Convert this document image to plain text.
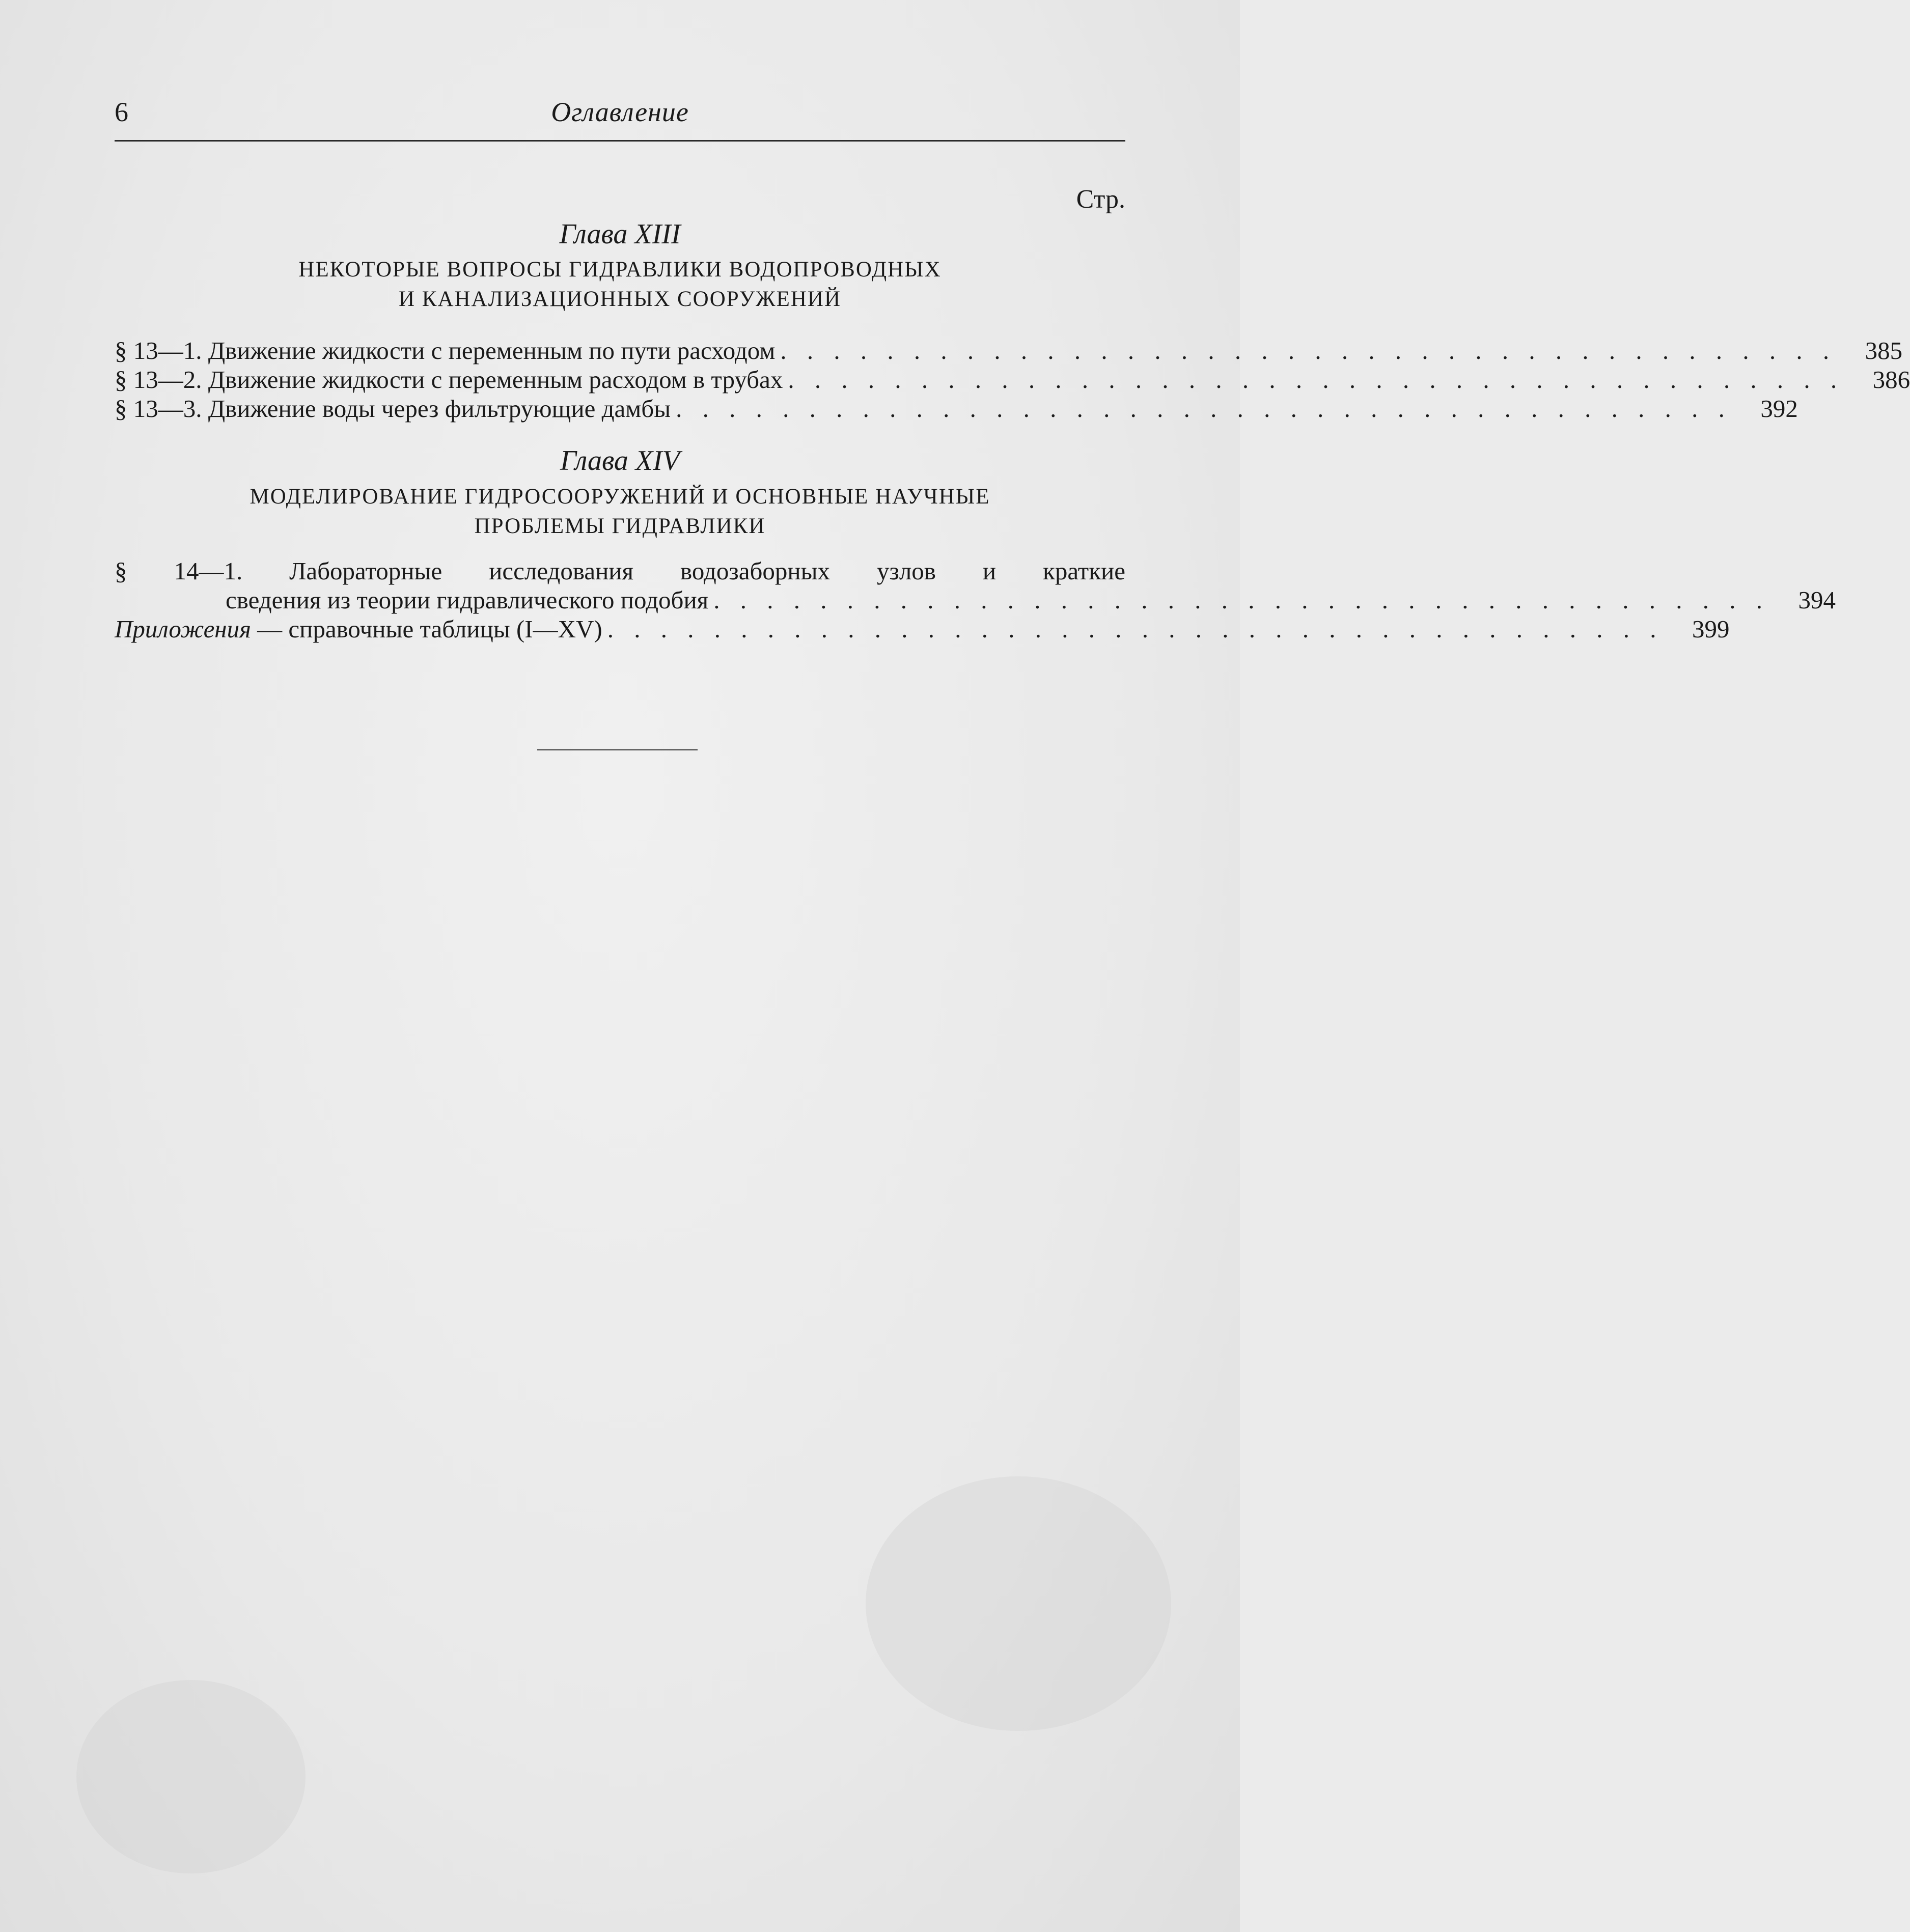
6	Оглавление
Стр.
Глава XIII
НЕКОТОРЫЕ ВОПРОСЫ ГИДРАВЛИКИ ВОДОПРОВОДНЫХ
И КАНАЛИЗАЦИОННЫХ СООРУЖЕНИЙ
§ 13—1. Движение жидкости с переменным по пути расходом . . . . . . . . . . . . . . . . . . . . . . . . . . . . . . . . . . . . . . . .	385
§ 13—2. Движение жидкости с переменным расходом в трубах . . . . . . . . . . . . . . . . . . . . . . . . . . . . . . . . . . . . . . . .	386
§ 13—3. Движение воды через фильтрующие дамбы . . . . . . . . . . . . . . . . . . . . . . . . . . . . . . . . . . . . . . . .	392
Глава XIV
МОДЕЛИРОВАНИЕ ГИДРОСООРУЖЕНИЙ И ОСНОВНЫЕ НАУЧНЫЕ
ПРОБЛЕМЫ ГИДРАВЛИКИ
§ 14—1. Лабораторные исследования водозаборных узлов и краткие
сведения из теории гидравлического подобия . . . . . . . . . . . . . . . . . . . . . . . . . . . . . . . . . . . . . . . .	394
Приложения — справочные таблицы (I—XV) . . . . . . . . . . . . . . . . . . . . . . . . . . . . . . . . . . . . . . . .	399
